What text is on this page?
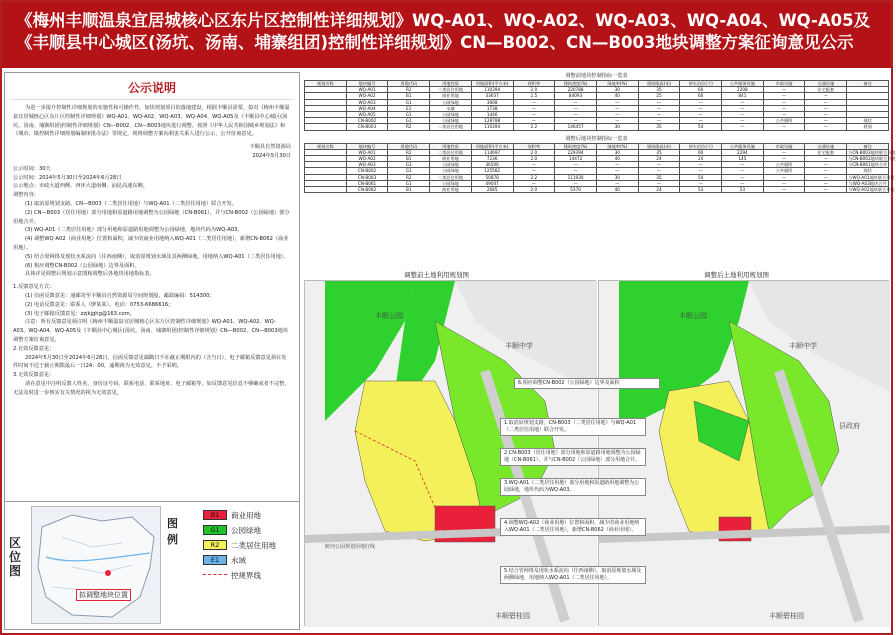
《梅州丰顺温泉宜居城核心区东片区控制性详细规划》WQ-A01、WQ-A02、WQ-A03、WQ-A04、WQ-A05及
《丰顺县中心城区(汤坑、汤南、埔寨组团)控制性详细规划》CN—B002、CN—B003地块调整方案征询意见公示
公示说明

为进一步提升控制性详细规划的实施性和可操作性，加快规划项目的落地建设，根据丰顺县需要，拟对《梅州丰顺温泉宜居城核心区东片区控制性详细规划》WQ-A01、WQ-A02、WQ-A03、WQ-A04、WQ-A05及《丰顺县中心城区(汤坑、汤南、埔寨组团)控制性详细规划》CN—B002、CN—B003地块进行调整。按照《中华人民共和国城乡规划法》和《城市、镇控制性详细规划编制审批办法》等规定，现将调整方案向利害关系人进行公示，公开征询意见。

丰顺县自然资源局

2024年5月30日

公示时间：30天

公示时间：2024年5月30日至2024年6月28日

公示地点：市政大道西侧、西环大道南侧、汕昆高速东侧。

调整内容：

(1) 取消原规划支路，CN—B003（二类居住用地）与WQ-A01（二类居住用地）联合开发。

(2) CN—B003（居住用地）部分用地和原道路用地调整为公园绿地（CN-B061），并与CN-B002（公园绿地）部分用地合并。

(3) WQ-A01（二类居住用地）部分用地和原道路用地调整为公园绿地，地块代码为WQ-A03。

(4) 调整WQ-A02（商业用地）位置和面积，减少的商业用地纳入WQ-A01（二类居住用地），新增CN-B062（商业用地）。

(5) 结合渠网络及现状水系流向（往西南侧），取消原规划水域及其两侧绿地，用地纳入WQ-A01（二类居住用地）。

(6) 相应调整CN-B002（公园绿地）边界及面积。

具体详见调整后规划示意图和调整后各地块用地指标表。

1.反馈意见方式：

(1) 信函反馈意见：通邮寄至丰顺县自然资源局空间规划股，邮政编码：514300；

(2) 电话反馈意见：联系人（廖某某），电话：0753-6686616；

(3) 电子邮箱反馈意见：zzjkjghg@163.com。

注意：所有反馈意见须注明《梅州丰顺温泉宜居城核心区东片区控制性详细规划》WQ-A01、WQ-A02、WQ-A03、WQ-A04、WQ-A05及《丰顺县中心城区(汤坑、汤南、埔寨组团)控制性详细规划》CN—B002、CN—B003地块调整方案征询意见。

2.有效反馈意见：

2024年5月30日至2024年6月28日，信函反馈意见邮戳日不在截止期限内的（含当日），电子邮箱反馈意见须在发件时间不迟于截止期限最后一日24：00，逾期视为无效意见。不予采纳。

3.无效反馈意见：

请在意见中注明反馈人姓名、身份证号码、联系电话、联系地址、电子邮箱等，如反馈意见信息不够确或者不完整，无法及时进一步核实有关情况的视为无效意见。

区位图
拟调整地块位置
图例
B1	商业用地
G1	公园绿地
R2	二类居住用地
E1	水域
控规界线
调整前地块控制指标一览表
规划名称	地块编号	用地代码	用地性质	用地面积(平方米)	容积率	建筑密度(%)	绿地率(%)	建筑限高(米)	停车泊位(个)	公共服务设施	市政设施	交通设施	备注
	WQ-A01	R2	二类居住用地	110394	2.0	220788	30	35	60	2208	—	住宅配套	
	WQ-A02	B1	商业用地	33637	2.5	84093	40	25	60	841	—	—	
	WQ-A03	G1	公园绿地	3008	—	—	—	—	—	—	—	—	
	WQ-A04	E1	水域	1738	—	—	—	—	—	—	—	—	
	WQ-A05	G1	公园绿地	1446	—	—	—	—	—	—	—	—	
	CN-B002	G1	公园绿地	128788	—	—	—	—	—	—	公共厕所	—	现状
	CN-B003	R2	二类居住用地	110394	2.2	146457	30	35	54	—	—	—	规划
调整后地块控制指标一览表
规划名称	地块编号	用地代码	用地性质	用地面积(平方米)	容积率	建筑密度(%)	绿地率(%)	建筑限高(米)	停车泊位(个)	公共服务设施	市政设施	交通设施	备注
	WQ-A01	R2	二类居住用地	114697	2.0	229394	30	35	60	2294	—	住宅配套	与CN-B003地块联合开发
	WQ-A02	B1	商业用地	7236	2.0	14472	40	24	24	145	—	—	与CN-B062地块联合开发
	WQ-A03	G1	公园绿地	36506	—	—	—	—	—	—	公共厕所	—	与CN-B061地块合并
	CN-B002	G1	公园绿地	125582	—	—	—	—	—	—	公共厕所	—	现状
	CN-B003	R2	二类居住用地	50878	2.2	111930	30	35	54	—	—	—	与WQ-A01地块联合开发
	CN-B061	G1	公园绿地	49047	—	—	—	—	—	—	—	—	与WQ-A03地块合并
	CN-B062	B1	商业用地	2685	2.0	5370	40	24	53	53	—	—	与WQ-A02地块联合开发
调整前土地利用规划图	调整后土地利用规划图
丰顺公园
丰顺中学
跨河公园规划用地红线
丰顺碧桂园
丰顺公园
丰顺中学
县政府
丰顺碧桂园
6.相应调整CN-B002（公园绿地）边界及面积
1.取消原规划支路，CN-B003（二类居住用地）与WQ-A01（二类居住用地）联合开发。
2.CN-B003（居住用地）部分用地和原道路用地调整为公园绿地（CN-B061），并与CN-B002（公园绿地）部分用地合并。
3.WQ-A01（二类居住用地）部分用地和原道路用地调整为公园绿地，地块代码为WQ-A03。
4.调整WQ-A02（商业用地）位置和面积，减少的商业用地纳入WQ-A01（二类居住用地），新增CN-B062（商业用地）。
5.结合管网络及现状水系流向（往西南侧），取消原规划水域及两侧绿地，用地纳入WQ-A01（二类居住用地）。
